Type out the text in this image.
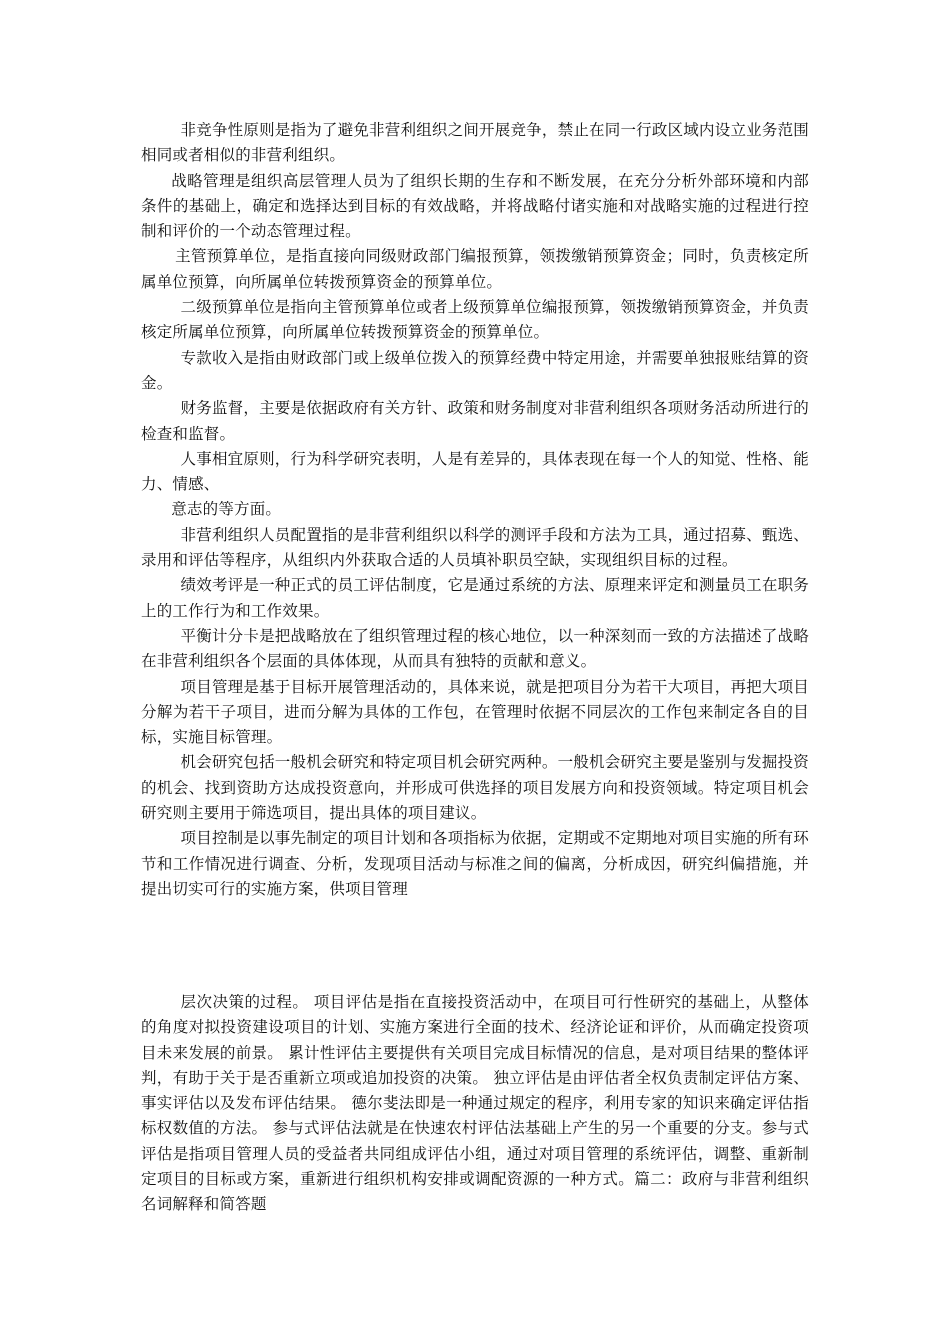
非竞争性原则是指为了避免非营利组织之间开展竞争，禁止在同一行政区域内设立业务范围相同或者相似的非营利组织。

战略管理是组织高层管理人员为了组织长期的生存和不断发展，在充分分析外部环境和内部条件的基础上，确定和选择达到目标的有效战略，并将战略付诸实施和对战略实施的过程进行控制和评价的一个动态管理过程。

主管预算单位，是指直接向同级财政部门编报预算，领拨缴销预算资金；同时，负责核定所属单位预算，向所属单位转拨预算资金的预算单位。

二级预算单位是指向主管预算单位或者上级预算单位编报预算，领拨缴销预算资金，并负责核定所属单位预算，向所属单位转拨预算资金的预算单位。

专款收入是指由财政部门或上级单位拨入的预算经费中特定用途，并需要单独报账结算的资金。

财务监督，主要是依据政府有关方针、政策和财务制度对非营利组织各项财务活动所进行的检查和监督。

人事相宜原则，行为科学研究表明，人是有差异的，具体表现在每一个人的知觉、性格、能力、情感、

意志的等方面。

非营利组织人员配置指的是非营利组织以科学的测评手段和方法为工具，通过招募、甄选、录用和评估等程序，从组织内外获取合适的人员填补职员空缺，实现组织目标的过程。

绩效考评是一种正式的员工评估制度，它是通过系统的方法、原理来评定和测量员工在职务上的工作行为和工作效果。

平衡计分卡是把战略放在了组织管理过程的核心地位，以一种深刻而一致的方法描述了战略在非营利组织各个层面的具体体现，从而具有独特的贡献和意义。

项目管理是基于目标开展管理活动的，具体来说，就是把项目分为若干大项目，再把大项目分解为若干子项目，进而分解为具体的工作包，在管理时依据不同层次的工作包来制定各自的目标，实施目标管理。

机会研究包括一般机会研究和特定项目机会研究两种。一般机会研究主要是鉴别与发掘投资的机会、找到资助方达成投资意向，并形成可供选择的项目发展方向和投资领域。特定项目机会研究则主要用于筛选项目，提出具体的项目建议。

项目控制是以事先制定的项目计划和各项指标为依据，定期或不定期地对项目实施的所有环节和工作情况进行调查、分析，发现项目活动与标准之间的偏离，分析成因，研究纠偏措施，并提出切实可行的实施方案，供项目管理

层次决策的过程。 项目评估是指在直接投资活动中，在项目可行性研究的基础上，从整体的角度对拟投资建设项目的计划、实施方案进行全面的技术、经济论证和评价，从而确定投资项目未来发展的前景。 累计性评估主要提供有关项目完成目标情况的信息，是对项目结果的整体评判，有助于关于是否重新立项或追加投资的决策。 独立评估是由评估者全权负责制定评估方案、事实评估以及发布评估结果。 德尔斐法即是一种通过规定的程序，利用专家的知识来确定评估指标权数值的方法。 参与式评估法就是在快速农村评估法基础上产生的另一个重要的分支。参与式评估是指项目管理人员的受益者共同组成评估小组，通过对项目管理的系统评估，调整、重新制定项目的目标或方案，重新进行组织机构安排或调配资源的一种方式。篇二：政府与非营利组织名词解释和简答题
